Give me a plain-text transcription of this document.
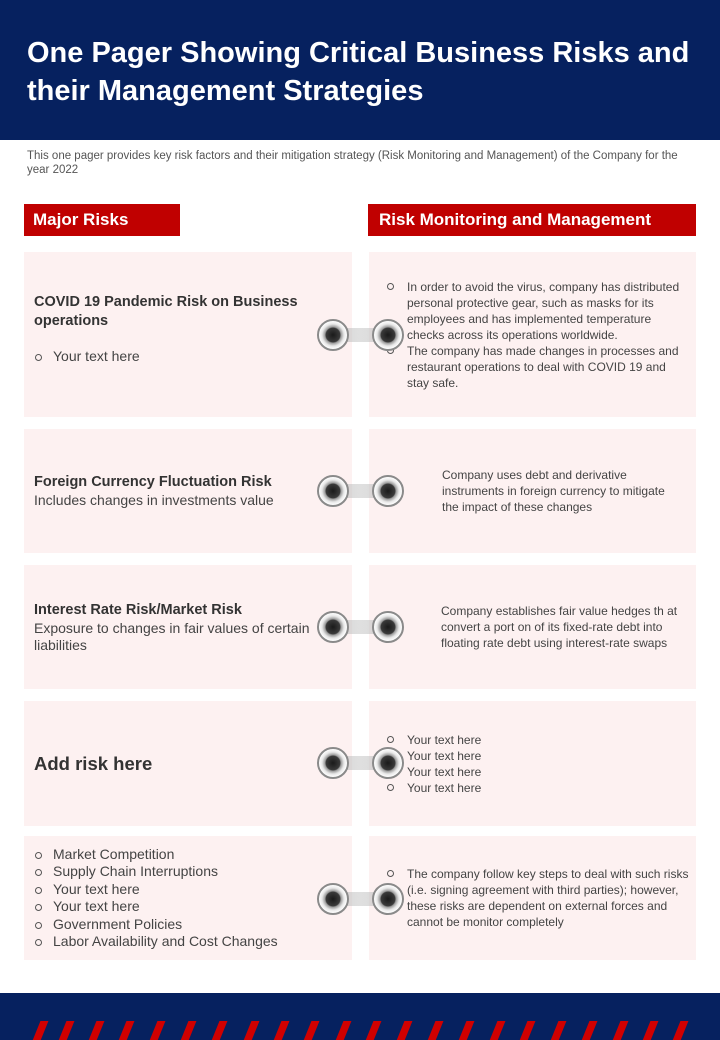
One Pager Showing Critical Business Risks and their Management Strategies

This one pager provides key risk factors and their mitigation strategy (Risk Monitoring and Management) of the Company for the year 2022

Major Risks	Risk Monitoring and Management
COVID 19 Pandemic Risk on Business operations
Your text here
In order to avoid the virus, company has distributed personal protective gear, such as masks for its employees and has implemented temperature checks across its operations worldwide.
The company has made changes in processes and restaurant operations to deal with COVID 19 and stay safe.
Foreign Currency Fluctuation Risk
Includes changes in investments value

Company uses debt and derivative instruments in foreign currency to mitigate the impact of these changes

Interest Rate Risk/Market Risk
Exposure to changes in fair values of certain liabilities

Company establishes fair value hedges th at convert a port on of its fixed-rate debt into floating rate debt using interest-rate swaps

Add risk here
Your text here
Your text here
Your text here
Your text here
Market Competition
Supply Chain Interruptions
Your text here
Your text here
Government Policies
Labor Availability and Cost Changes
The company follow key steps to deal with such risks (i.e. signing agreement with third parties); however, these risks are dependent on external forces and cannot be monitor completely
